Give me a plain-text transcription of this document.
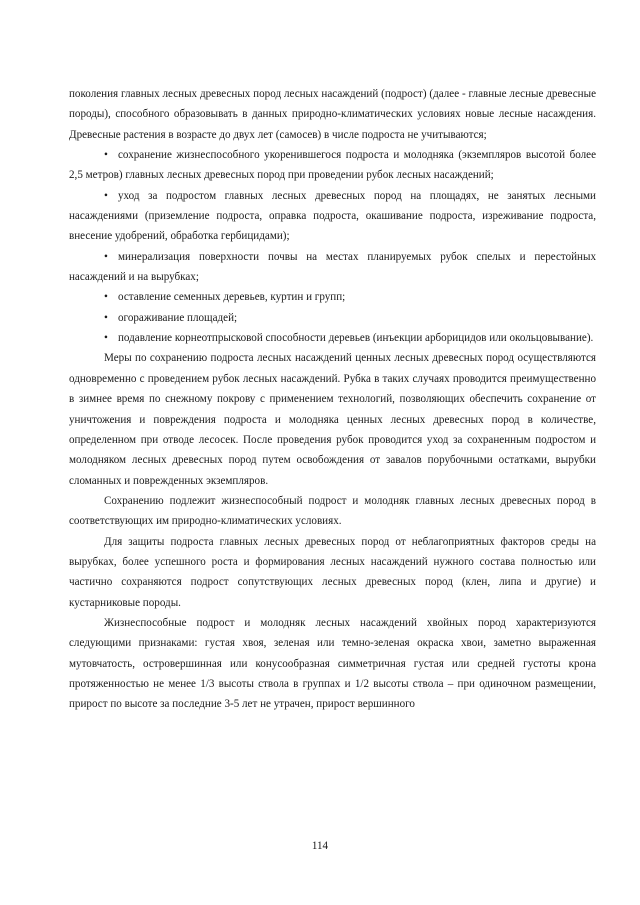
поколения главных лесных древесных пород лесных насаждений (подрост) (далее - главные лесные древесные породы), способного образовывать в данных природно-климатических условиях новые лесные насаждения. Древесные растения в возрасте до двух лет (самосев) в числе подроста не учитываются;

• сохранение жизнеспособного укоренившегося подроста и молодняка (экземпляров высотой более 2,5 метров) главных лесных древесных пород при проведении рубок лесных насаждений;

• уход за подростом главных лесных древесных пород на площадях, не занятых лесными насаждениями (приземление подроста, оправка подроста, окашивание подроста, изреживание подроста, внесение удобрений, обработка гербицидами);

• минерализация поверхности почвы на местах планируемых рубок спелых и перестойных насаждений и на вырубках;

• оставление семенных деревьев, куртин и групп;

• огораживание площадей;

• подавление корнеотпрысковой способности деревьев (инъекции арборицидов или окольцовывание).

Меры по сохранению подроста лесных насаждений ценных лесных древесных пород осуществляются одновременно с проведением рубок лесных насаждений. Рубка в таких случаях проводится преимущественно в зимнее время по снежному покрову с применением технологий, позволяющих обеспечить сохранение от уничтожения и повреждения подроста и молодняка ценных лесных древесных пород в количестве, определенном при отводе лесосек. После проведения рубок проводится уход за сохраненным подростом и молодняком лесных древесных пород путем освобождения от завалов порубочными остатками, вырубки сломанных и поврежденных экземпляров.

Сохранению подлежит жизнеспособный подрост и молодняк главных лесных древесных пород в соответствующих им природно-климатических условиях.

Для защиты подроста главных лесных древесных пород от неблагоприятных факторов среды на вырубках, более успешного роста и формирования лесных насаждений нужного состава полностью или частично сохраняются подрост сопутствующих лесных древесных пород (клен, липа и другие) и кустарниковые породы.

Жизнеспособные подрост и молодняк лесных насаждений хвойных пород характеризуются следующими признаками: густая хвоя, зеленая или темно-зеленая окраска хвои, заметно выраженная мутовчатость, островершинная или конусообразная симметричная густая или средней густоты крона протяженностью не менее 1/3 высоты ствола в группах и 1/2 высоты ствола – при одиночном размещении, прирост по высоте за последние 3-5 лет не утрачен, прирост вершинного

114
